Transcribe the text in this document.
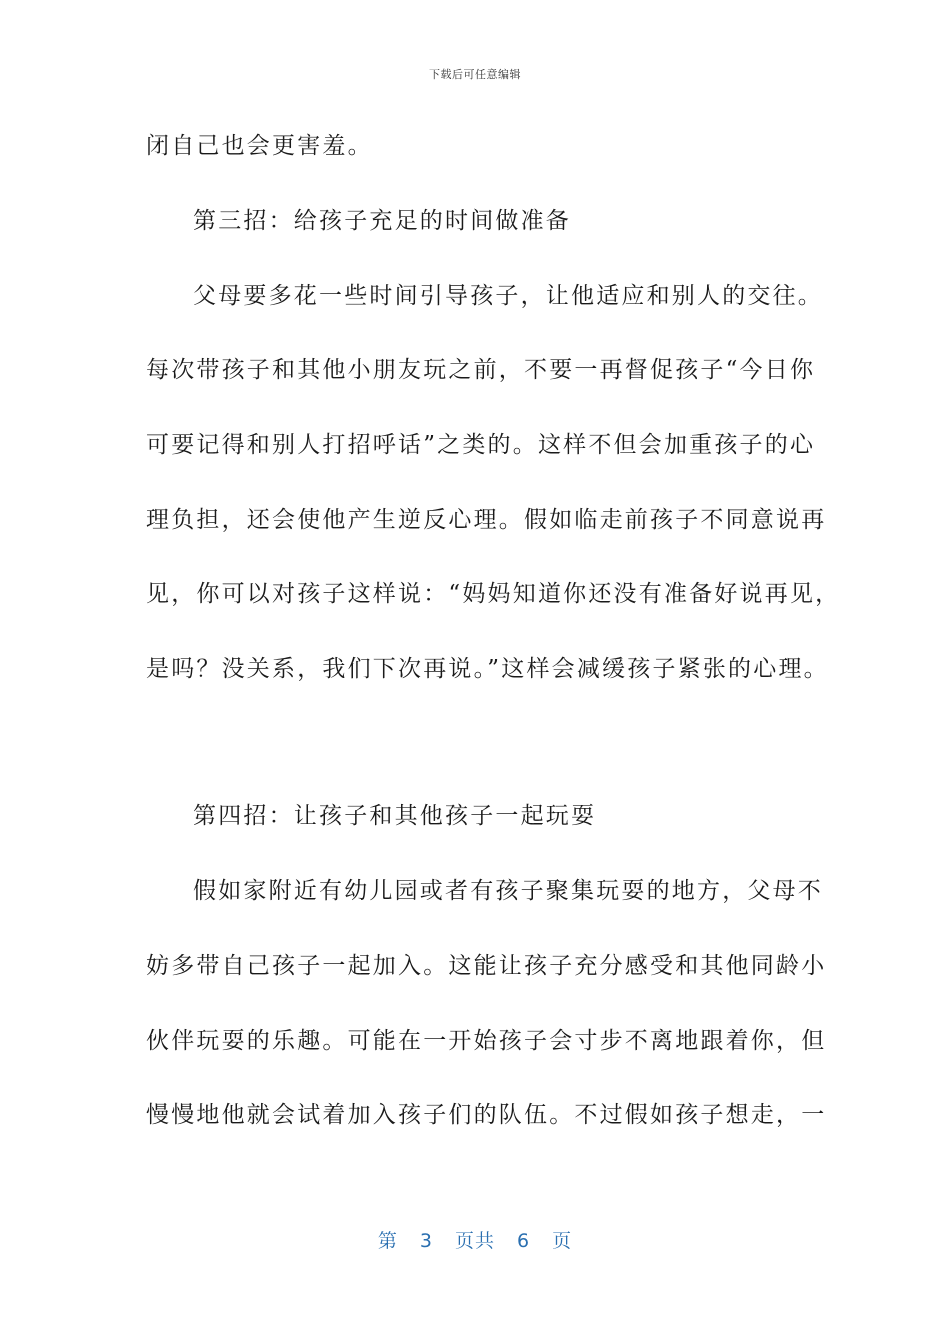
下载后可任意编辑
闭自己也会更害羞。
第三招：给孩子充足的时间做准备
父母要多花一些时间引导孩子，让他适应和别人的交往。
每次带孩子和其他小朋友玩之前，不要一再督促孩子“今日你
可要记得和别人打招呼话”之类的。这样不但会加重孩子的心
理负担，还会使他产生逆反心理。假如临走前孩子不同意说再
见，你可以对孩子这样说：“妈妈知道你还没有准备好说再见，
是吗？没关系，我们下次再说。”这样会减缓孩子紧张的心理。
第四招：让孩子和其他孩子一起玩耍
假如家附近有幼儿园或者有孩子聚集玩耍的地方，父母不
妨多带自己孩子一起加入。这能让孩子充分感受和其他同龄小
伙伴玩耍的乐趣。可能在一开始孩子会寸步不离地跟着你，但
慢慢地他就会试着加入孩子们的队伍。不过假如孩子想走，一
第 3 页共 6 页
